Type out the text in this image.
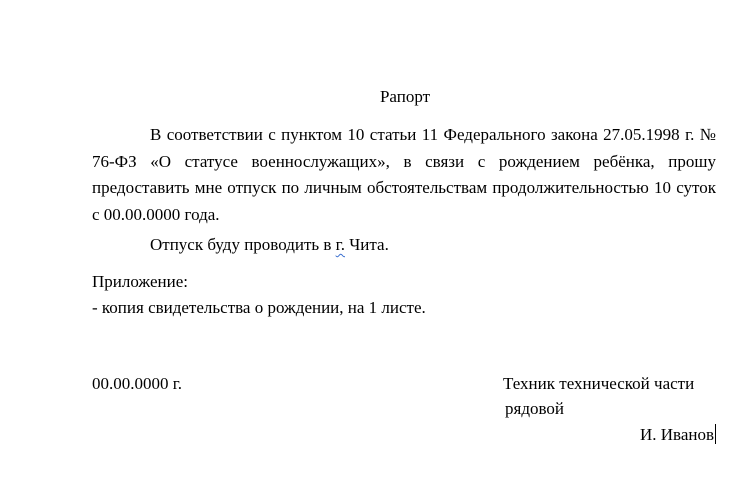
Рапорт
В соответствии с пунктом 10 статьи 11 Федерального закона 27.05.1998 г. № 76-ФЗ «О статусе военнослужащих», в связи с рождением ребёнка, прошу предоставить мне отпуск по личным обстоятельствам продолжительностью 10 суток с 00.00.0000 года.
Отпуск буду проводить в г. Чита.
Приложение:
- копия свидетельства о рождении, на 1 листе.
00.00.0000 г.	Техник технической части
рядовой
И. Иванов
